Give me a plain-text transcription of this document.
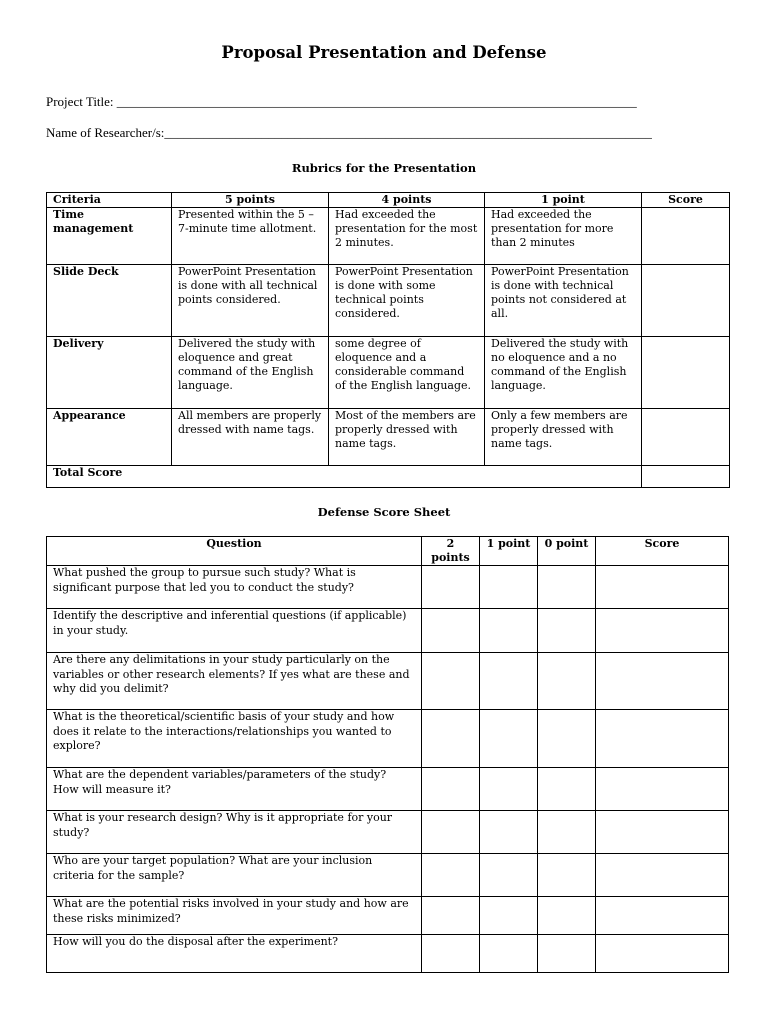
Proposal Presentation and Defense
Project Title: ________________________________________________________________________________
Name of Researcher/s:___________________________________________________________________________
Rubrics for the Presentation
Criteria	5 points	4 points	1 point	Score
Time management	Presented within the 5 – 7-minute time allotment.	Had exceeded the presentation for the most 2 minutes.	Had exceeded the presentation for more than 2 minutes	
Slide Deck	PowerPoint Presentation is done with all technical points considered.	PowerPoint Presentation is done with some technical points considered.	PowerPoint Presentation is done with technical points not considered at all.	
Delivery	Delivered the study with eloquence and great command of the English language.	some degree of eloquence and a considerable command of the English language.	Delivered the study with no eloquence and a no command of the English language.	
Appearance	All members are properly dressed with name tags.	Most of the members are properly dressed with name tags.	Only a few members are properly dressed with name tags.	
Total Score				
Defense Score Sheet
Question	2 points	1 point	0 point	Score
What pushed the group to pursue such study? What is significant purpose that led you to conduct the study?				
Identify the descriptive and inferential questions (if applicable) in your study.				
Are there any delimitations in your study particularly on the variables or other research elements? If yes what are these and why did you delimit?				
What is the theoretical/scientific basis of your study and how does it relate to the interactions/relationships you wanted to explore?				
What are the dependent variables/parameters of the study? How will measure it?				
What is your research design? Why is it appropriate for your study?				
Who are your target population? What are your inclusion criteria for the sample?				
What are the potential risks involved in your study and how are these risks minimized?				
How will you do the disposal after the experiment?				
